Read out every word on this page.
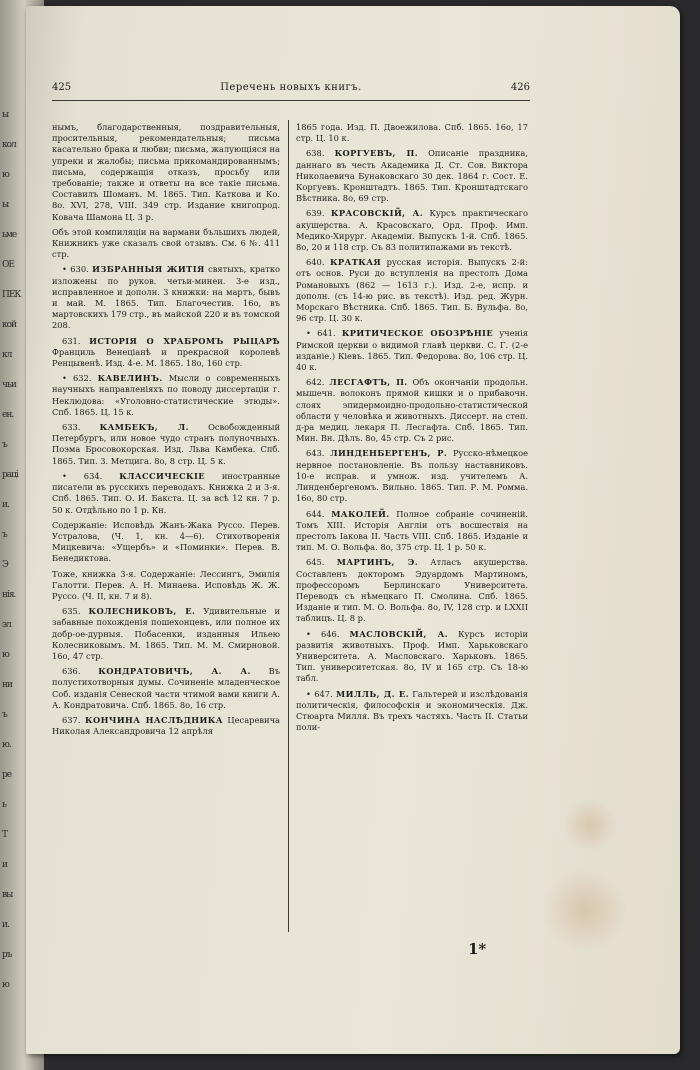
ы
кол
ю
ы
ьме
ОЕ
ПЕК
кой
кл
чьи
ен.
ъ
раці
и.
ъ
Э
нія.
эл
ю
ни
ъ
ю.
ре
ь
Т
и
вы
и.
ръ
ю
425	Перечень новыхъ книгъ.	426

нымъ, благодарственныя, поздравительныя, просительныя, рекомендательныя; письма касательно брака и любви; письма, жалующіяся на упреки и жалобы; письма прикомандированнымъ; письма, содержащія отказъ, просьбу или требованіе; также и ответы на все такіе письма. Составилъ Шоманъ. М. 1865. Тип. Каткова и Ко. 8о. XVI, 278, VIII. 349 стр. Издание книгопрод. Ковача Шамона Ц. 3 р.

Объ этой компиляціи на вармани бъльшихъ людей, Книжникъ уже сказалъ свой отзывъ. См. 6 №. 411 стр.

• 630. ИЗБРАННЫЯ ЖИТІЯ святыхъ, кратко изложены по руков. четьи-минеи. 3-е изд., исправленное и дополн. 3 книжки: на мартъ, бывъ и май. М. 1865. Тип. Благочестив. 16о, въ мартовскихъ 179 стр., въ майской 220 и въ томской 208.

631. ИСТОРІЯ О ХРАБРОМЪ РЫЦАРѢ Франциль Венеціанѣ и прекрасной королевѣ Ренцывенѣ. Изд. 4-е. М. 1865. 18о, 160 стр.

• 632. КАВЕЛИНЪ. Мысли о современныхъ научныхъ направленіяхъ по поводу диссертаціи г. Неклюдова: «Уголовно-статистические этюды». Спб. 1865. Ц. 15 к.

633. КАМБЕКЪ, Л. Освобожденный Петербургъ, или новое чудо странъ полуночныхъ. Поэма Бросовокорская. Изд. Льва Камбека. Спб. 1865. Тип. 3. Метцига. 8о, 8 стр. Ц. 5 к.

• 634. КЛАССИЧЕСКІЕ иностранные писатели въ русскихъ переводахъ. Книжка 2 и 3-я. Спб. 1865. Тип. О. И. Бакста. Ц. за всѣ 12 кн. 7 р. 50 к. Отдѣльно по 1 р. Кн.

Содержаніе: Исповѣдь Жанъ-Жака Руссо. Перев. Устралова, (Ч. 1, кн. 4—6). Стихотворенія Мицкевича: «Ущербъ» и «Поминки». Перев. В. Бенедиктова.

Тоже, книжка 3-я. Содержаніе: Лессингъ, Эмилія Галотти. Перев. А. Н. Минаева. Исповѣдь Ж. Ж. Руссо. (Ч. II, кн. 7 и 8).

635. КОЛЕСНИКОВЪ, Е. Удивительные и забавные похожденія пошехонцевъ, или полное их добр-ое-дурныя. Побасенки, изданныя Ильею Колесниковымъ. М. 1865. Тип. М. М. Смирновой. 16о, 47 стр.

636. КОНДРАТОВИЧЪ, А. А. Въ полустихотворныя думы. Сочиненіе младенческое Соб. изданія Сенеской части чтимой вами книги А. А. Кондратовича. Спб. 1865. 8о, 16 стр.

637. КОНЧИНА НАСЛѢДНИКА Цесаревича Николая Александровича 12 апрѣля

1865 года. Изд. П. Двоежилова. Спб. 1865. 16о, 17 стр. Ц. 10 к.

638. КОРГУЕВЪ, П. Описаніе праздника, даннаго въ честь Академика Д. Ст. Сов. Виктора Николаевича Бунаковскаго 30 дек. 1864 г. Сост. Е. Коргуевъ. Кронштадтъ. 1865. Тип. Кронштадтскаго Вѣстника. 8о, 69 стр.

639. КРАСОВСКІЙ, А. Курсъ практическаго акушерства. А. Красовскаго, Орд. Проф. Имп. Медико-Хирург. Академіи. Выпускъ 1-й. Спб. 1865. 8о, 20 и 118 стр. Съ 83 политипажами въ текстѣ.

640. КРАТКАЯ русская исторія. Выпускъ 2-й: отъ основ. Руси до вступленія на престолъ Дома Романовыхъ (862 — 1613 г.). Изд. 2-е, испр. и дополн. (съ 14-ю рис. въ текстѣ). Изд. ред. Журн. Морскаго Вѣстника. Спб. 1865. Тип. Б. Вульфа. 8о, 96 стр. Ц. 30 к.

• 641. КРИТИЧЕСКОЕ ОБОЗРѢНІЕ ученія Римской церкви о видимой главѣ церкви. С. Г. (2-е изданіе.) Кіевъ. 1865. Тип. Федорова. 8о, 106 стр. Ц. 40 к.

642. ЛЕСГАФТЪ, П. Объ окончаніи продольн. мышечн. волоконъ прямой кишки и о прибавочн. слоях эпидермоидно-продольно-статистической области у человѣка и животныхъ. Диссерт. на степ. д-ра медиц. лекаря П. Лесгафта. Спб. 1865. Тип. Мин. Вн. Дѣлъ. 8о, 45 стр. Съ 2 рис.

643. ЛИНДЕНБЕРГЕНЪ, Р. Русско-нѣмецкое нервное постановленіе. Въ пользу наставниковъ. 10-е исправ. и умнож. изд. учителемъ А. Линденбергеномъ. Вильно. 1865. Тип. Р. М. Ромма. 16о, 80 стр.

644. МАКОЛЕЙ. Полное собраніе сочиненій. Томъ XIII. Исторія Англіи отъ восшествія на престолъ Іакова II. Часть VIII. Спб. 1865. Изданіе и тип. М. О. Вольфа. 8о, 375 стр. Ц. 1 р. 50 к.

645. МАРТИНЪ, Э. Атласъ акушерства. Составленъ докторомъ Эдуардомъ Мартиномъ, профессоромъ Берлинскаго Университета. Переводъ съ нѣмецкаго П. Смолина. Спб. 1865. Изданіе и тип. М. О. Вольфа. 8о, IV, 128 стр. и LXXII таблицъ. Ц. 8 р.

• 646. МАСЛОВСКІЙ, А. Курсъ исторіи развитія животныхъ. Проф. Имп. Харьковскаго Университета. А. Масловскаго. Харьковъ. 1865. Тип. университетская. 8о, IV и 165 стр. Съ 18-ю табл.

• 647. МИЛЛЬ, Д. Е. Гальтерей и изслѣдованія политическія, философскія и экономическія. Дж. Стюарта Милля. Въ трехъ частяхъ. Часть II. Статьи поли-

1*
